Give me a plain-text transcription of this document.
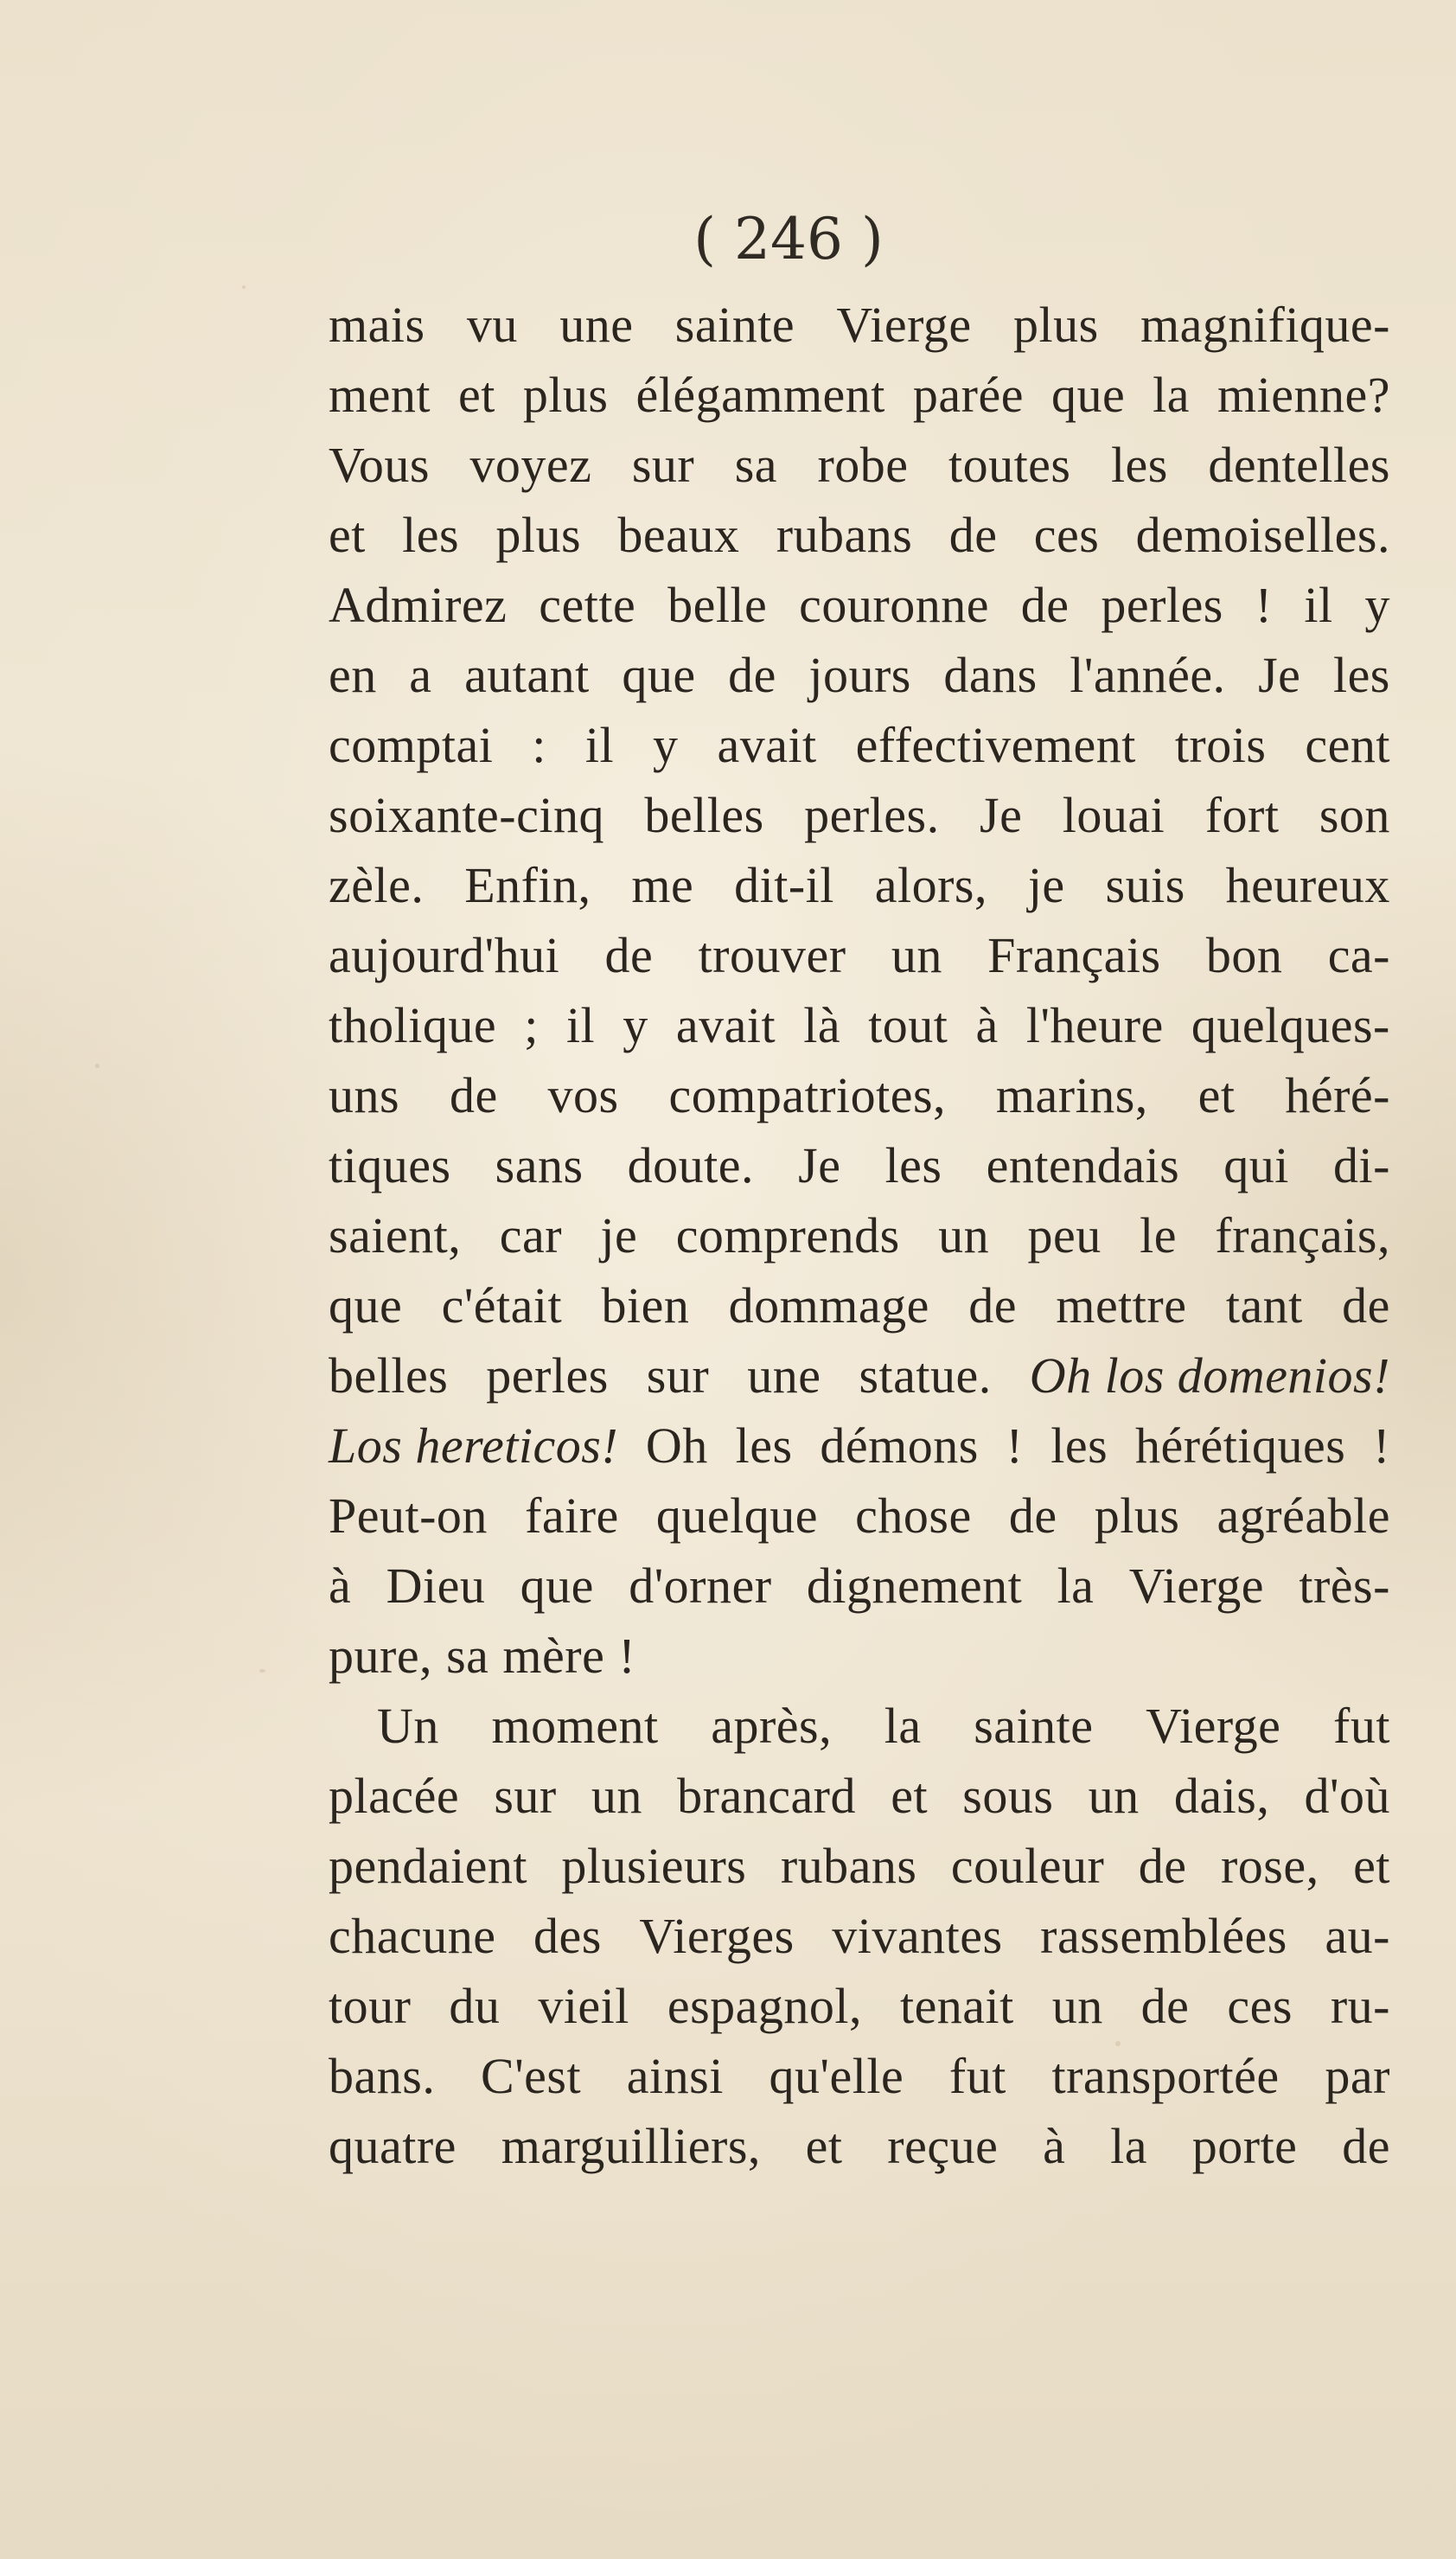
( 246 )
mais vu une sainte Vierge plus magnifique-
ment et plus élégamment parée que la mienne?
Vous voyez sur sa robe toutes les dentelles
et les plus beaux rubans de ces demoiselles.
Admirez cette belle couronne de perles ! il y
en a autant que de jours dans l'année. Je les
comptai : il y avait effectivement trois cent
soixante-cinq belles perles. Je louai fort son
zèle. Enfin, me dit-il alors, je suis heureux
aujourd'hui de trouver un Français bon ca-
tholique ; il y avait là tout à l'heure quelques-
uns de vos compatriotes, marins, et héré-
tiques sans doute. Je les entendais qui di-
saient, car je comprends un peu le français,
que c'était bien dommage de mettre tant de
belles perles sur une statue. Oh los domenios!
Los hereticos! Oh les démons ! les hérétiques !
Peut-on faire quelque chose de plus agréable
à Dieu que d'orner dignement la Vierge très-
pure, sa mère !
Un moment après, la sainte Vierge fut
placée sur un brancard et sous un dais, d'où
pendaient plusieurs rubans couleur de rose, et
chacune des Vierges vivantes rassemblées au-
tour du vieil espagnol, tenait un de ces ru-
bans. C'est ainsi qu'elle fut transportée par
quatre marguilliers, et reçue à la porte de
